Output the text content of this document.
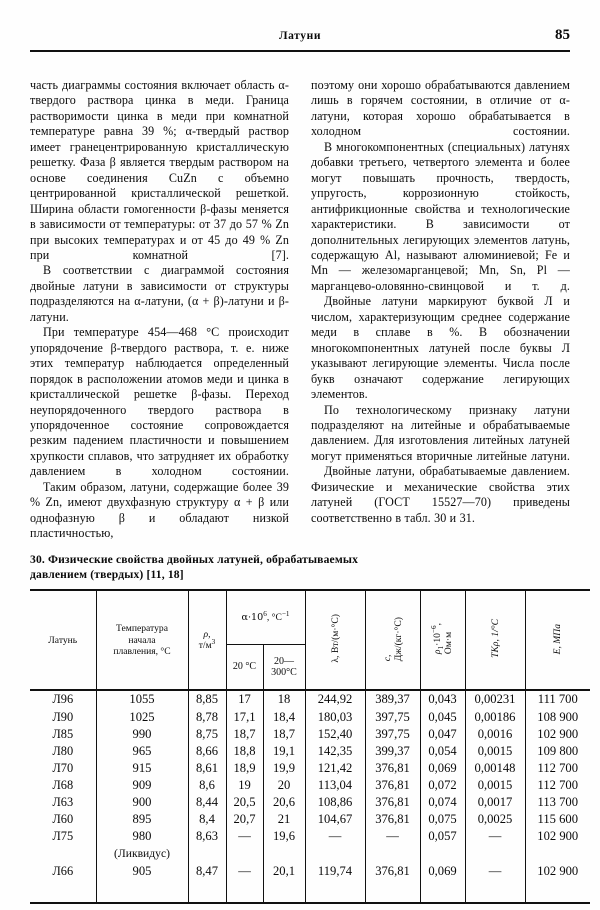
Латуни	85

часть диаграммы состояния включает область α-твердого раствора цинка в меди. Граница растворимости цинка в меди при комнатной температуре равна 39 %; α-твердый раствор имеет гранецентрированную кристаллическую решетку. Фаза β является твердым раствором на основе соединения CuZn с объемно центрированной кристаллической решеткой. Ширина области гомогенности β-фазы меняется в зависимости от температуры: от 37 до 57 % Zn при высоких температурах и от 45 до 49 % Zn при комнатной [7].

В соответствии с диаграммой состояния двойные латуни в зависимости от структуры подразделяются на α-латуни, (α + β)-латуни и β-латуни.

При температуре 454—468 °С происходит упорядочение β-твердого раствора, т. е. ниже этих температур наблюдается определенный порядок в расположении атомов меди и цинка в кристаллической решетке β-фазы. Переход неупорядоченного твердого раствора в упорядоченное состояние сопровождается резким падением пластичности и повышением хрупкости сплавов, что затрудняет их обработку давлением в холодном состоянии.

Таким образом, латуни, содержащие более 39 % Zn, имеют двухфазную структуру α + β или однофазную β и обладают низкой пластичностью,

поэтому они хорошо обрабатываются давлением лишь в горячем состоянии, в отличие от α-латуни, которая хорошо обрабатывается в холодном состоянии.

В многокомпонентных (специальных) латунях добавки третьего, четвертого элемента и более могут повышать прочность, твердость, упругость, коррозионную стойкость, антифрикционные свойства и технологические характеристики. В зависимости от дополнительных легирующих элементов латунь, содержащую Al, называют алюминиевой; Fe и Mn — железомарганцевой; Mn, Sn, Pl — марганцево-оловянно-свинцовой и т. д.

Двойные латуни маркируют буквой Л и числом, характеризующим среднее содержание меди в сплаве в %. В обозначении многокомпонентных латуней после буквы Л указывают легирующие элементы. Числа после букв означают содержание легирующих элементов.

По технологическому признаку латуни подразделяют на литейные и обрабатываемые давлением. Для изготовления литейных латуней могут применяться вторичные литейные латуни.

Двойные латуни, обрабатываемые давлением. Физические и механические свойства этих латуней (ГОСТ 15527—70) приведены соответственно в табл. 30 и 31.

30. Физические свойства двойных латуней, обрабатываемых
давлением (твердых) [11, 18]
Латунь	Температура
начала
плавления, °С	ρ,
$т/м^3$	$\alpha\cdot 10^6$, $^\circ С^{-1}$		λ, Вт/(м·°С)	с,
Дж/(кг·°С)	$\rho_1\cdot 10^{-6}$,
Ом·м	ТКρ, 1/°С	Е, МПа
			20 °С	20—
300°С					
Л96	1055	8,85	17	18	244,92	389,37	0,043	0,00231	111 700
Л90	1025	8,78	17,1	18,4	180,03	397,75	0,045	0,00186	108 900
Л85	990	8,75	18,7	18,7	152,40	397,75	0,047	0,0016	102 900
Л80	965	8,66	18,8	19,1	142,35	399,37	0,054	0,0015	109 800
Л70	915	8,61	18,9	19,9	121,42	376,81	0,069	0,00148	112 700
Л68	909	8,6	19	20	113,04	376,81	0,072	0,0015	112 700
Л63	900	8,44	20,5	20,6	108,86	376,81	0,074	0,0017	113 700
Л60	895	8,4	20,7	21	104,67	376,81	0,075	0,0025	115 600
Л75	980	8,63	—	19,6	—	—	0,057	—	102 900
	(Ликвидус)								
Л66	905	8,47	—	20,1	119,74	376,81	0,069	—	102 900
